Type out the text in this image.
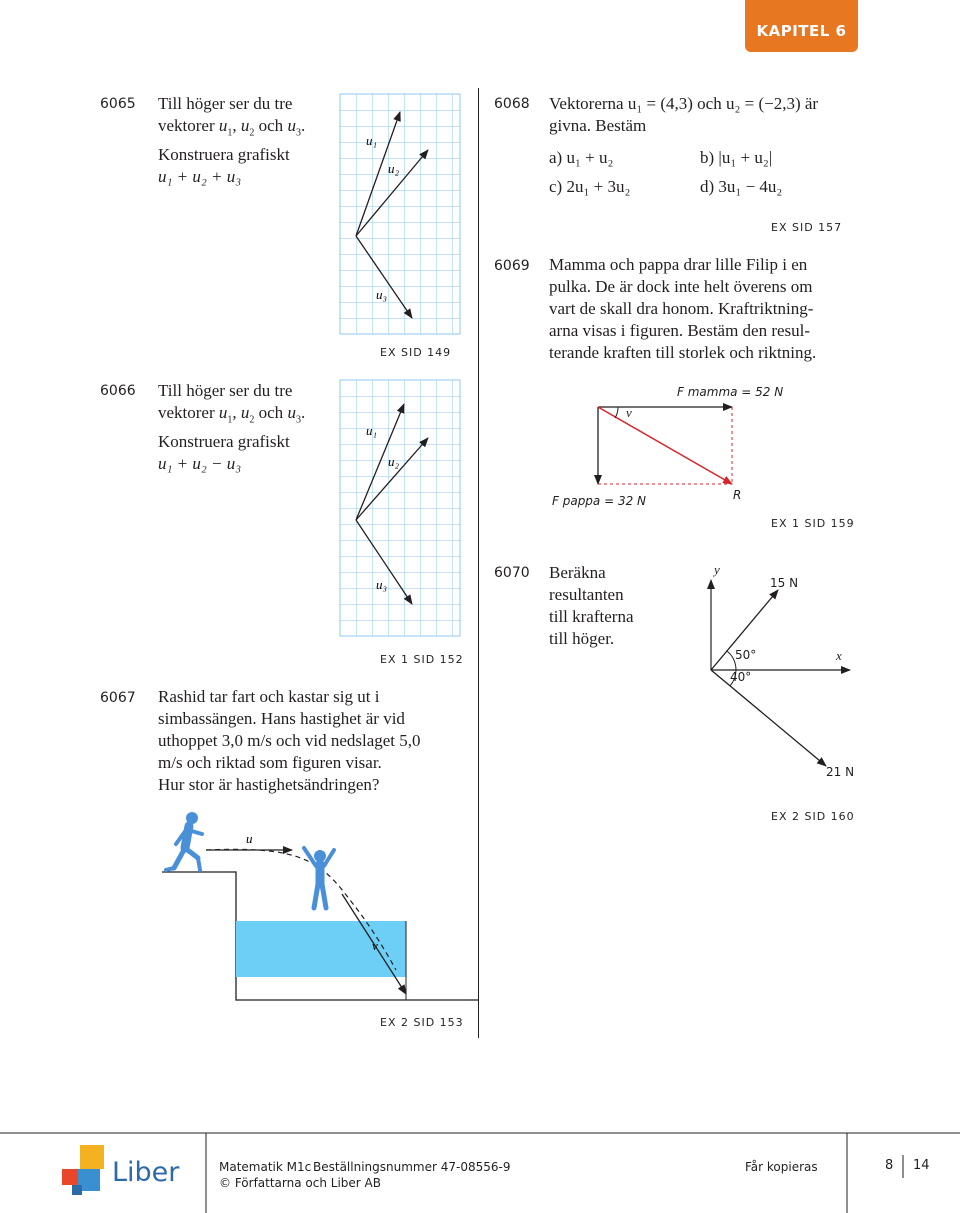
KAPITEL 6
6065 Till höger ser du tre
vektorer $u_1$, $u_2$ och $u_3$.
Konstruera grafiskt
u₁ + u₂ + u₃
EX SID 149
6066 Till höger ser du tre
vektorer $u_1$, $u_2$ och $u_3$.
Konstruera grafiskt
u₁ + u₂ − u₃
EX 1 SID 152
u₁
u₂
u₃
u₁
u₂
u₃
u
v
6067 Rashid tar fart och kastar sig ut i
simbassängen. Hans hastighet är vid
uthoppet 3,0 m/s och vid nedslaget 5,0
m/s och riktad som figuren visar.
Hur stor är hastighetsändringen?
EX 2 SID 153
6068 Vektorerna u₁ = (4,3) och u₂ = (−2,3) är
givna. Bestäm
a) u₁ + u₂	b) |u₁ + u₂|
c) 2u₁ + 3u₂	d) 3u₁ − 4u₂
EX SID 157
6069 Mamma och pappa drar lille Filip i en
pulka. De är dock inte helt överens om
vart de skall dra honom. Kraftriktning-
arna visas i figuren. Bestäm den resul-
terande kraften till storlek och riktning.
F mamma = 52 N
F pappa = 32 N
v
R
EX 1 SID 159
6070 Beräkna
resultanten
till krafterna
till höger.
y
x
15 N
21 N
50°
40°
EX 2 SID 160
Liber	Matematik M1c Beställningsnummer 47-08556-9
© Författarna och Liber AB
Får kopieras	8 14
